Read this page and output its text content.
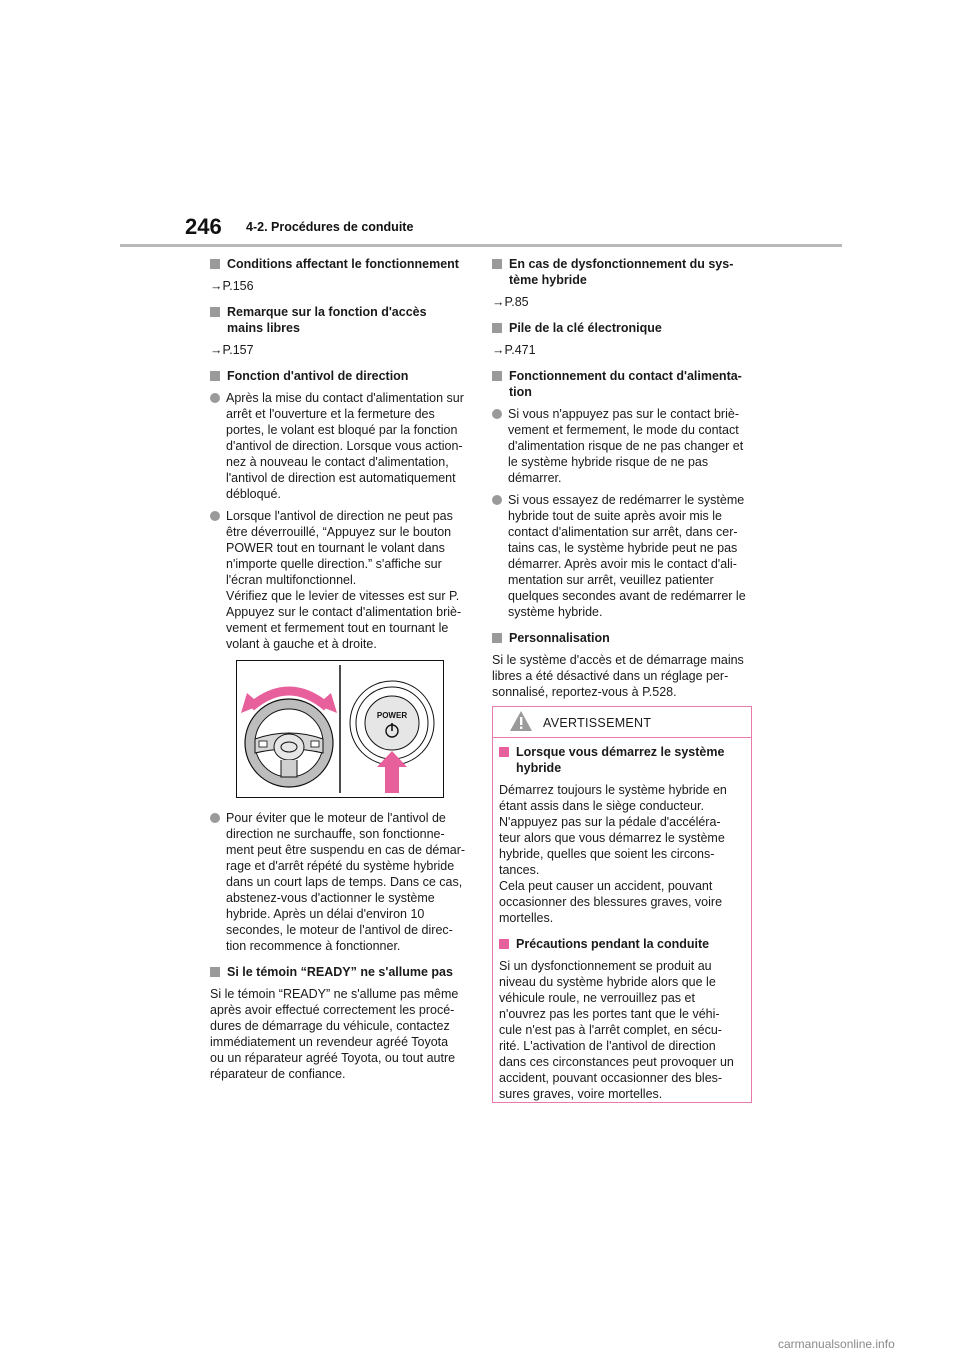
246 4-2. Procédures de conduite
Conditions affectant le fonctionnement
→P.156
Remarque sur la fonction d'accès
mains libres
→P.157
Fonction d'antivol de direction
Après la mise du contact d'alimentation sur
arrêt et l'ouverture et la fermeture des
portes, le volant est bloqué par la fonction
d'antivol de direction. Lorsque vous action-
nez à nouveau le contact d'alimentation,
l'antivol de direction est automatiquement
débloqué.
Lorsque l'antivol de direction ne peut pas
être déverrouillé, “Appuyez sur le bouton
POWER tout en tournant le volant dans
n'importe quelle direction.” s'affiche sur
l'écran multifonctionnel.
Vérifiez que le levier de vitesses est sur P.
Appuyez sur le contact d'alimentation briè-
vement et fermement tout en tournant le
volant à gauche et à droite.
POWER
Pour éviter que le moteur de l'antivol de
direction ne surchauffe, son fonctionne-
ment peut être suspendu en cas de démar-
rage et d'arrêt répété du système hybride
dans un court laps de temps. Dans ce cas,
abstenez-vous d'actionner le système
hybride. Après un délai d'environ 10
secondes, le moteur de l'antivol de direc-
tion recommence à fonctionner.
Si le témoin “READY” ne s'allume pas
Si le témoin “READY” ne s'allume pas même
après avoir effectué correctement les procé-
dures de démarrage du véhicule, contactez
immédiatement un revendeur agréé Toyota
ou un réparateur agréé Toyota, ou tout autre
réparateur de confiance.
En cas de dysfonctionnement du sys-
tème hybride
→P.85
Pile de la clé électronique
→P.471
Fonctionnement du contact d'alimenta-
tion
Si vous n'appuyez pas sur le contact briè-
vement et fermement, le mode du contact
d'alimentation risque de ne pas changer et
le système hybride risque de ne pas
démarrer.
Si vous essayez de redémarrer le système
hybride tout de suite après avoir mis le
contact d'alimentation sur arrêt, dans cer-
tains cas, le système hybride peut ne pas
démarrer. Après avoir mis le contact d'ali-
mentation sur arrêt, veuillez patienter
quelques secondes avant de redémarrer le
système hybride.
Personnalisation
Si le système d'accès et de démarrage mains
libres a été désactivé dans un réglage per-
sonnalisé, reportez-vous à P.528.
AVERTISSEMENT
Lorsque vous démarrez le système
hybride
Démarrez toujours le système hybride en
étant assis dans le siège conducteur.
N'appuyez pas sur la pédale d'accéléra-
teur alors que vous démarrez le système
hybride, quelles que soient les circons-
tances.
Cela peut causer un accident, pouvant
occasionner des blessures graves, voire
mortelles.
Précautions pendant la conduite
Si un dysfonctionnement se produit au
niveau du système hybride alors que le
véhicule roule, ne verrouillez pas et
n'ouvrez pas les portes tant que le véhi-
cule n'est pas à l'arrêt complet, en sécu-
rité. L'activation de l'antivol de direction
dans ces circonstances peut provoquer un
accident, pouvant occasionner des bles-
sures graves, voire mortelles.
carmanualsonline.info
